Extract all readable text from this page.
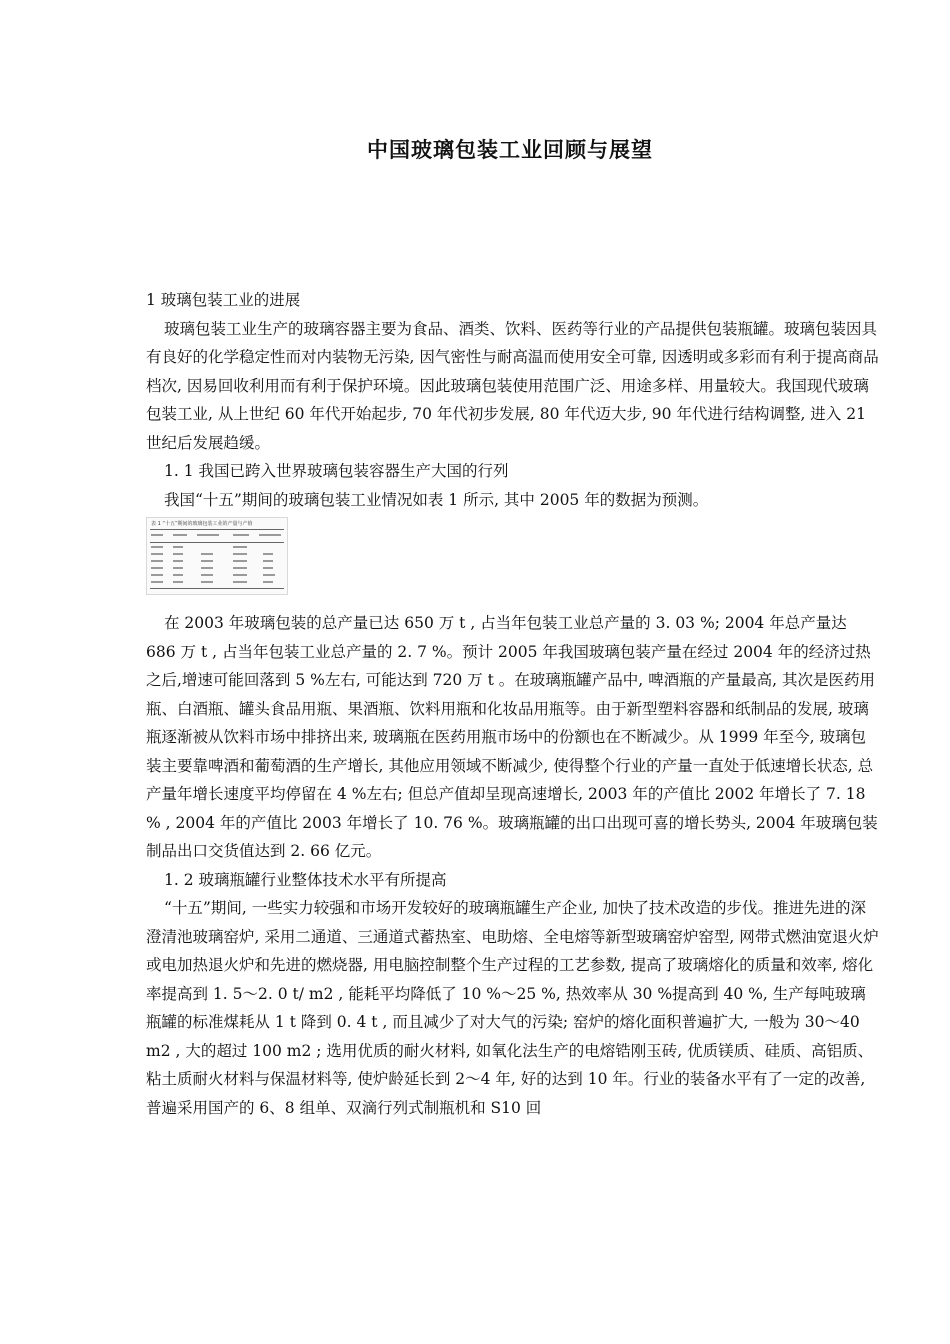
中国玻璃包装工业回顾与展望

1 玻璃包装工业的进展

玻璃包装工业生产的玻璃容器主要为食品、酒类、饮料、医药等行业的产品提供包装瓶罐。玻璃包装因具有良好的化学稳定性而对内装物无污染, 因气密性与耐高温而使用安全可靠, 因透明或多彩而有利于提高商品档次, 因易回收利用而有利于保护环境。因此玻璃包装使用范围广泛、用途多样、用量较大。我国现代玻璃包装工业, 从上世纪 60 年代开始起步, 70 年代初步发展, 80 年代迈大步, 90 年代进行结构调整, 进入 21 世纪后发展趋缓。

1. 1 我国已跨入世界玻璃包装容器生产大国的行列

我国“十五”期间的玻璃包装工业情况如表 1 所示, 其中 2005 年的数据为预测。

表 1 “十五”期间的玻璃包装工业的产量与产值

在 2003 年玻璃包装的总产量已达 650 万 t , 占当年包装工业总产量的 3. 03 %; 2004 年总产量达 686 万 t , 占当年包装工业总产量的 2. 7 %。预计 2005 年我国玻璃包装产量在经过 2004 年的经济过热之后,增速可能回落到 5 %左右, 可能达到 720 万 t 。在玻璃瓶罐产品中, 啤酒瓶的产量最高, 其次是医药用瓶、白酒瓶、罐头食品用瓶、果酒瓶、饮料用瓶和化妆品用瓶等。由于新型塑料容器和纸制品的发展, 玻璃瓶逐渐被从饮料市场中排挤出来, 玻璃瓶在医药用瓶市场中的份额也在不断减少。从 1999 年至今, 玻璃包装主要靠啤酒和葡萄酒的生产增长, 其他应用领域不断减少, 使得整个行业的产量一直处于低速增长状态, 总产量年增长速度平均停留在 4 %左右; 但总产值却呈现高速增长, 2003 年的产值比 2002 年增长了 7. 18 % , 2004 年的产值比 2003 年增长了 10. 76 %。玻璃瓶罐的出口出现可喜的增长势头, 2004 年玻璃包装制品出口交货值达到 2. 66 亿元。

1. 2 玻璃瓶罐行业整体技术水平有所提高

“十五”期间, 一些实力较强和市场开发较好的玻璃瓶罐生产企业, 加快了技术改造的步伐。推进先进的深澄清池玻璃窑炉, 采用二通道、三通道式蓄热室、电助熔、全电熔等新型玻璃窑炉窑型, 网带式燃油宽退火炉或电加热退火炉和先进的燃烧器, 用电脑控制整个生产过程的工艺参数, 提高了玻璃熔化的质量和效率, 熔化率提高到 1. 5～2. 0 t/ m2 , 能耗平均降低了 10 %～25 %, 热效率从 30 %提高到 40 %, 生产每吨玻璃瓶罐的标准煤耗从 1 t 降到 0. 4 t , 而且减少了对大气的污染; 窑炉的熔化面积普遍扩大, 一般为 30～40 m2 , 大的超过 100 m2 ; 选用优质的耐火材料, 如氧化法生产的电熔锆刚玉砖, 优质镁质、硅质、高铝质、粘土质耐火材料与保温材料等, 使炉龄延长到 2～4 年, 好的达到 10 年。行业的装备水平有了一定的改善, 普遍采用国产的 6、8 组单、双滴行列式制瓶机和 S10 回
